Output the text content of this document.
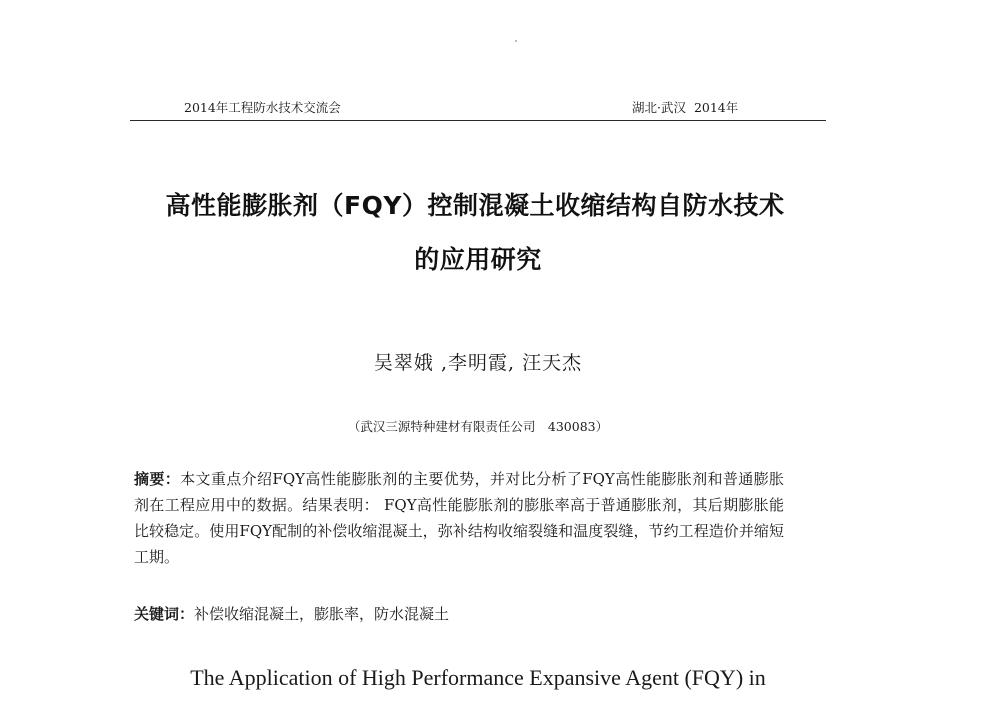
2014年工程防水技术交流会	湖北·武汉 2014年
高性能膨胀剂（FQY）控制混凝土收缩结构自防水技术
的应用研究
吴翠娥 ,李明霞, 汪天杰
（武汉三源特种建材有限责任公司　430083）
摘要：本文重点介绍FQY高性能膨胀剂的主要优势，并对比分析了FQY高性能膨胀剂和普通膨胀剂在工程应用中的数据。结果表明： FQY高性能膨胀剂的膨胀率高于普通膨胀剂，其后期膨胀能比较稳定。使用FQY配制的补偿收缩混凝土，弥补结构收缩裂缝和温度裂缝，节约工程造价并缩短工期。
关键词：补偿收缩混凝土，膨胀率，防水混凝土
The Application of High Performance Expansive Agent (FQY) in
